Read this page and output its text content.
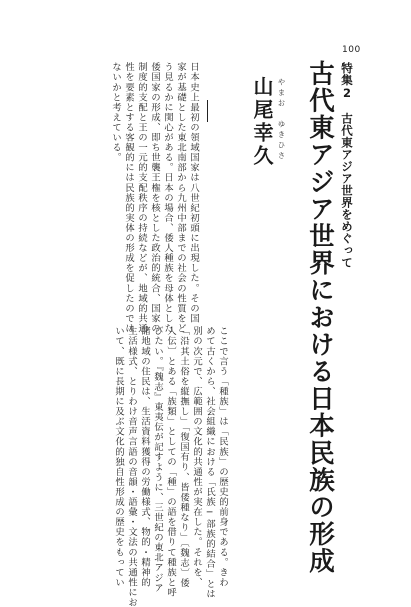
100
特集2　古代東アジア世界をめぐって
古代東アジア世界における日本民族の形成
やまお　ゆきひさ
山尾幸久

日本史上最初の領域国家は八世紀初頭に出現した。その国

家が基礎とした東北南部から九州中部までの社会の性質をど

う見るかに関心がある。日本の場合、倭人種族を母体とした

倭国家の形成、即ち世襲王権を核とした政治的統合、国家の

制度的支配と王の一元的支配秩序の持続などが、地域的共通

性を要素とする客観的には民族的実体の形成を促したのでは

ないかと考えている。

ここで言う「種族」は「民族」の歴史的前身である。きわ

めて古くから、社会組織における「氏族─部族的結合」とは

別の次元で、広範囲の文化的共通性が実在した。それを、

「沿其土俗を縦撫し」「復国有り、皆倭種なり」〔魏志〕倭

人伝〕とある「族類」としての「種」の語を借りて種族と呼

びたい。『魏志』東夷伝が記すように、三世紀の東北アジア

諸地域の住民は、生活資料獲得の労働様式、物的・精神的

生活様式、とりわけ音声言語の音韻・語彙・文法の共通性にお

いて、既に長期に及ぶ文化的独自性形成の歴史をもってい
